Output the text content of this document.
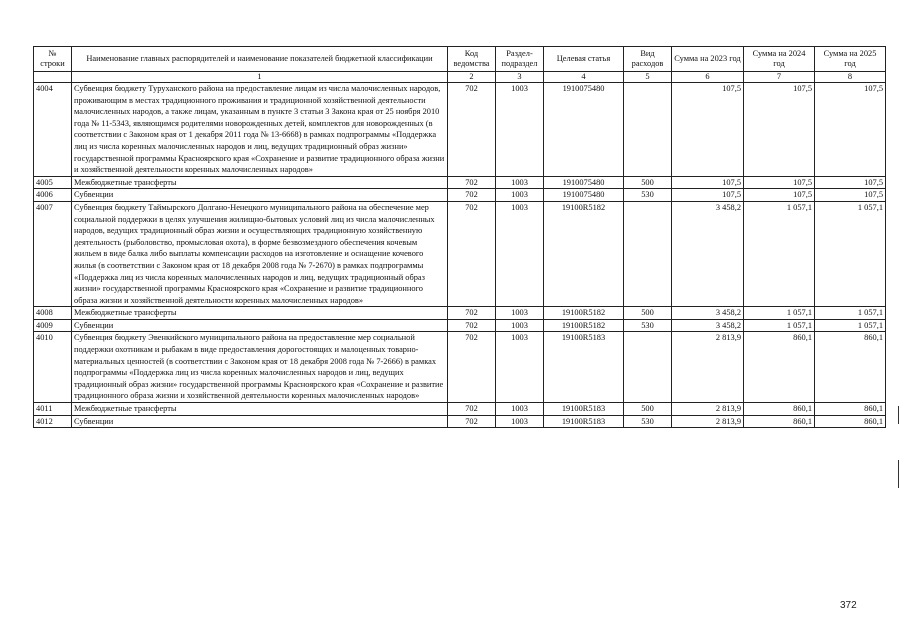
№ строки	Наименование главных распорядителей и наименование показателей бюджетной классификации	Код ведомства	Раздел-подраздел	Целевая статья	Вид расходов	Сумма на 2023 год	Сумма на 2024 год	Сумма на 2025 год
	1	2	3	4	5	6	7	8
4004	Субвенция бюджету Туруханского района на предоставление лицам из числа малочисленных народов, проживающим в местах традиционного проживания и традиционной хозяйственной деятельности малочисленных народов, а также лицам, указанным в пункте 3 статьи 3 Закона края от 25 ноября 2010 года № 11-5343, являющимся родителями новорожденных детей, комплектов для новорожденных (в соответствии с Законом края от 1 декабря 2011 года № 13-6668) в рамках подпрограммы «Поддержка лиц из числа коренных малочисленных народов и лиц, ведущих традиционный образ жизни» государственной программы Красноярского края «Сохранение и развитие традиционного образа жизни и хозяйственной деятельности коренных малочисленных народов»	702	1003	1910075480		107,5	107,5	107,5
4005	Межбюджетные трансферты	702	1003	1910075480	500	107,5	107,5	107,5
4006	Субвенции	702	1003	1910075480	530	107,5	107,5	107,5
4007	Субвенция бюджету Таймырского Долгано-Ненецкого муниципального района на обеспечение мер социальной поддержки в целях улучшения жилищно-бытовых условий лиц из числа малочисленных народов, ведущих традиционный образ жизни и осуществляющих традиционную хозяйственную деятельность (рыболовство, промысловая охота), в форме безвозмездного обеспечения кочевым жильем в виде балка либо выплаты компенсации расходов на изготовление и оснащение кочевого жилья (в соответствии с Законом края от 18 декабря 2008 года № 7-2670) в рамках подпрограммы «Поддержка лиц из числа коренных малочисленных народов и лиц, ведущих традиционный образ жизни» государственной программы Красноярского края «Сохранение и развитие традиционного образа жизни и хозяйственной деятельности коренных малочисленных народов»	702	1003	19100R5182		3 458,2	1 057,1	1 057,1
4008	Межбюджетные трансферты	702	1003	19100R5182	500	3 458,2	1 057,1	1 057,1
4009	Субвенции	702	1003	19100R5182	530	3 458,2	1 057,1	1 057,1
4010	Субвенция бюджету Эвенкийского муниципального района на предоставление мер социальной поддержки охотникам и рыбакам в виде предоставления дорогостоящих и малоценных товарно-материальных ценностей (в соответствии с Законом края от 18 декабря 2008 года № 7-2666) в рамках подпрограммы «Поддержка лиц из числа коренных малочисленных народов и лиц, ведущих традиционный образ жизни» государственной программы Красноярского края «Сохранение и развитие традиционного образа жизни и хозяйственной деятельности коренных малочисленных народов»	702	1003	19100R5183		2 813,9	860,1	860,1
4011	Межбюджетные трансферты	702	1003	19100R5183	500	2 813,9	860,1	860,1
4012	Субвенции	702	1003	19100R5183	530	2 813,9	860,1	860,1
372
